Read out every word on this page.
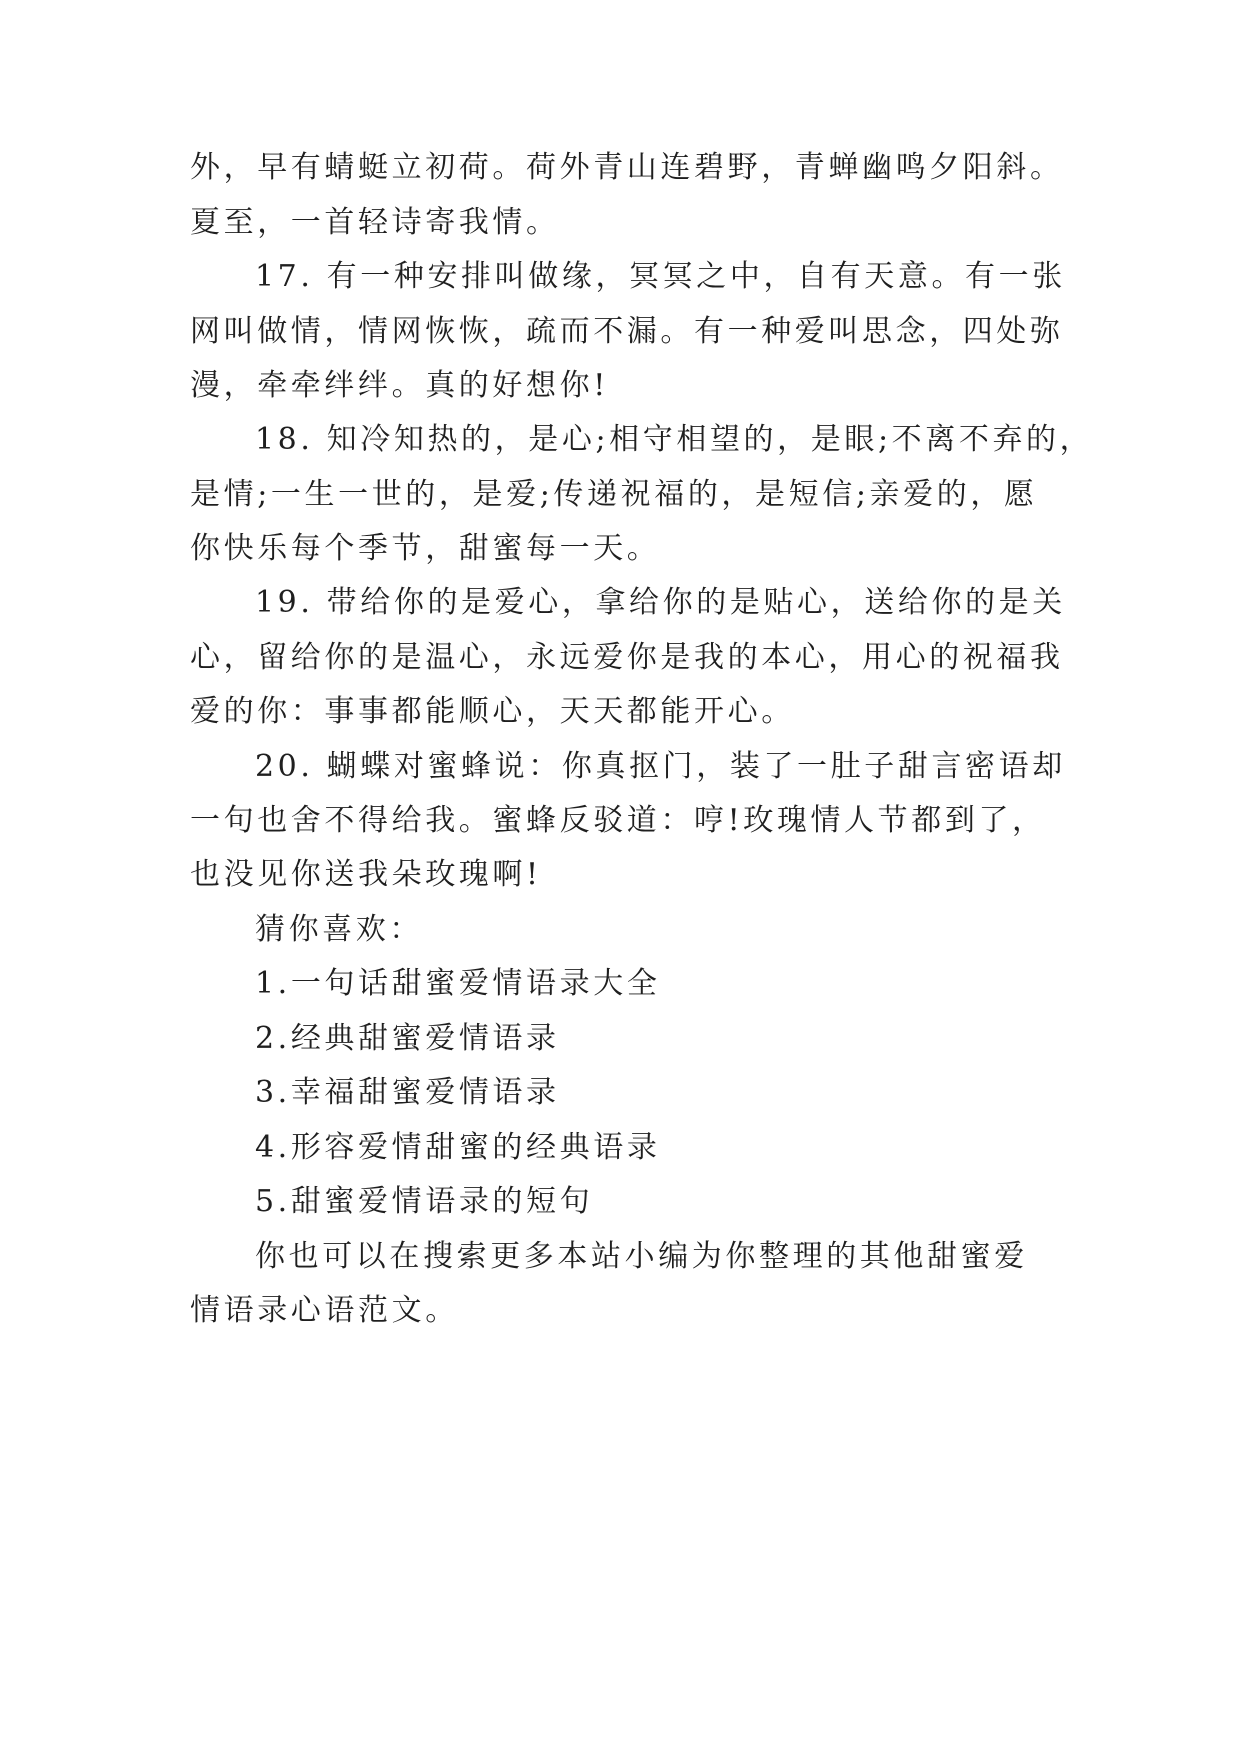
外，早有蜻蜓立初荷。荷外青山连碧野，青蝉幽鸣夕阳斜。

夏至，一首轻诗寄我情。

17. 有一种安排叫做缘，冥冥之中，自有天意。有一张

网叫做情，情网恢恢，疏而不漏。有一种爱叫思念，四处弥

漫，牵牵绊绊。真的好想你!

18. 知冷知热的，是心;相守相望的，是眼;不离不弃的，

是情;一生一世的，是爱;传递祝福的，是短信;亲爱的，愿

你快乐每个季节，甜蜜每一天。

19. 带给你的是爱心，拿给你的是贴心，送给你的是关

心，留给你的是温心，永远爱你是我的本心，用心的祝福我

爱的你：事事都能顺心，天天都能开心。

20. 蝴蝶对蜜蜂说：你真抠门，装了一肚子甜言密语却

一句也舍不得给我。蜜蜂反驳道：哼!玫瑰情人节都到了，

也没见你送我朵玫瑰啊!

猜你喜欢：

1.一句话甜蜜爱情语录大全

2.经典甜蜜爱情语录

3.幸福甜蜜爱情语录

4.形容爱情甜蜜的经典语录

5.甜蜜爱情语录的短句

你也可以在搜索更多本站小编为你整理的其他甜蜜爱

情语录心语范文。
